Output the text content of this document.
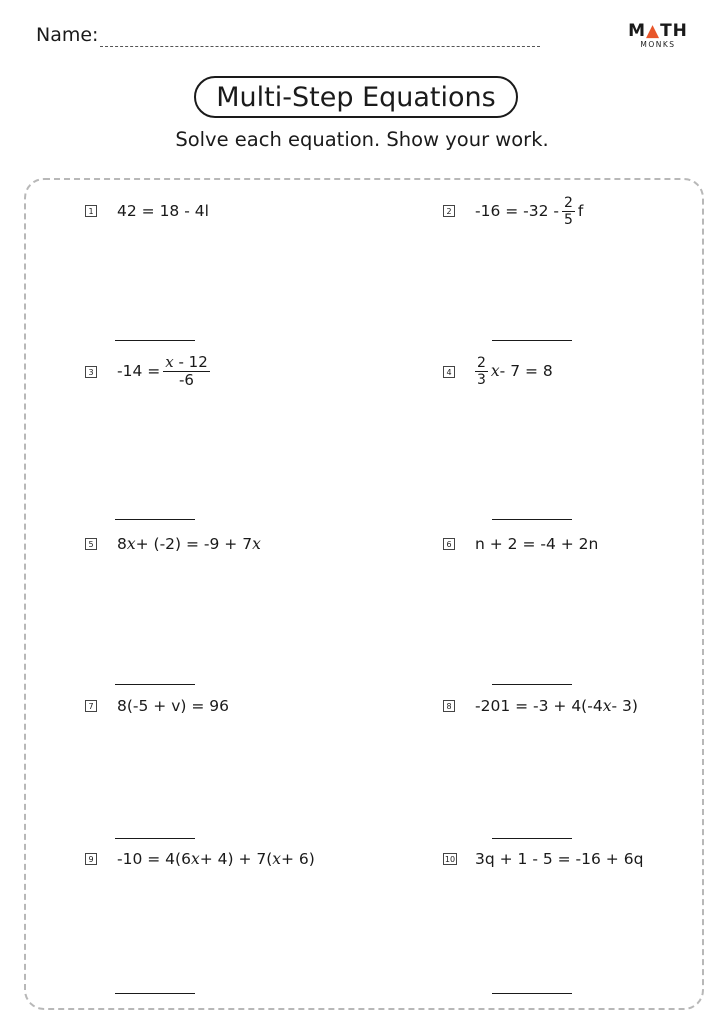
Name:	M▲TH
MONKS
Multi-Step Equations
Solve each equation. Show your work.
1 42 = 18 - 4l	2 $-16 = -32 - \frac{2}{5}$ f
3 $-14 = \frac{x - 12}{-6}$	$4 \frac{2}{3}$ x - 7 = 8
5 8 x + (-2) = -9 + 7 x	6 n + 2 = -4 + 2n
7 8(-5 + v) = 96	8 -201 = -3 + 4(-4 x - 3)
9 -10 = 4(6 x + 4) + 7( x + 6)	10 3q + 1 - 5 = -16 + 6q
